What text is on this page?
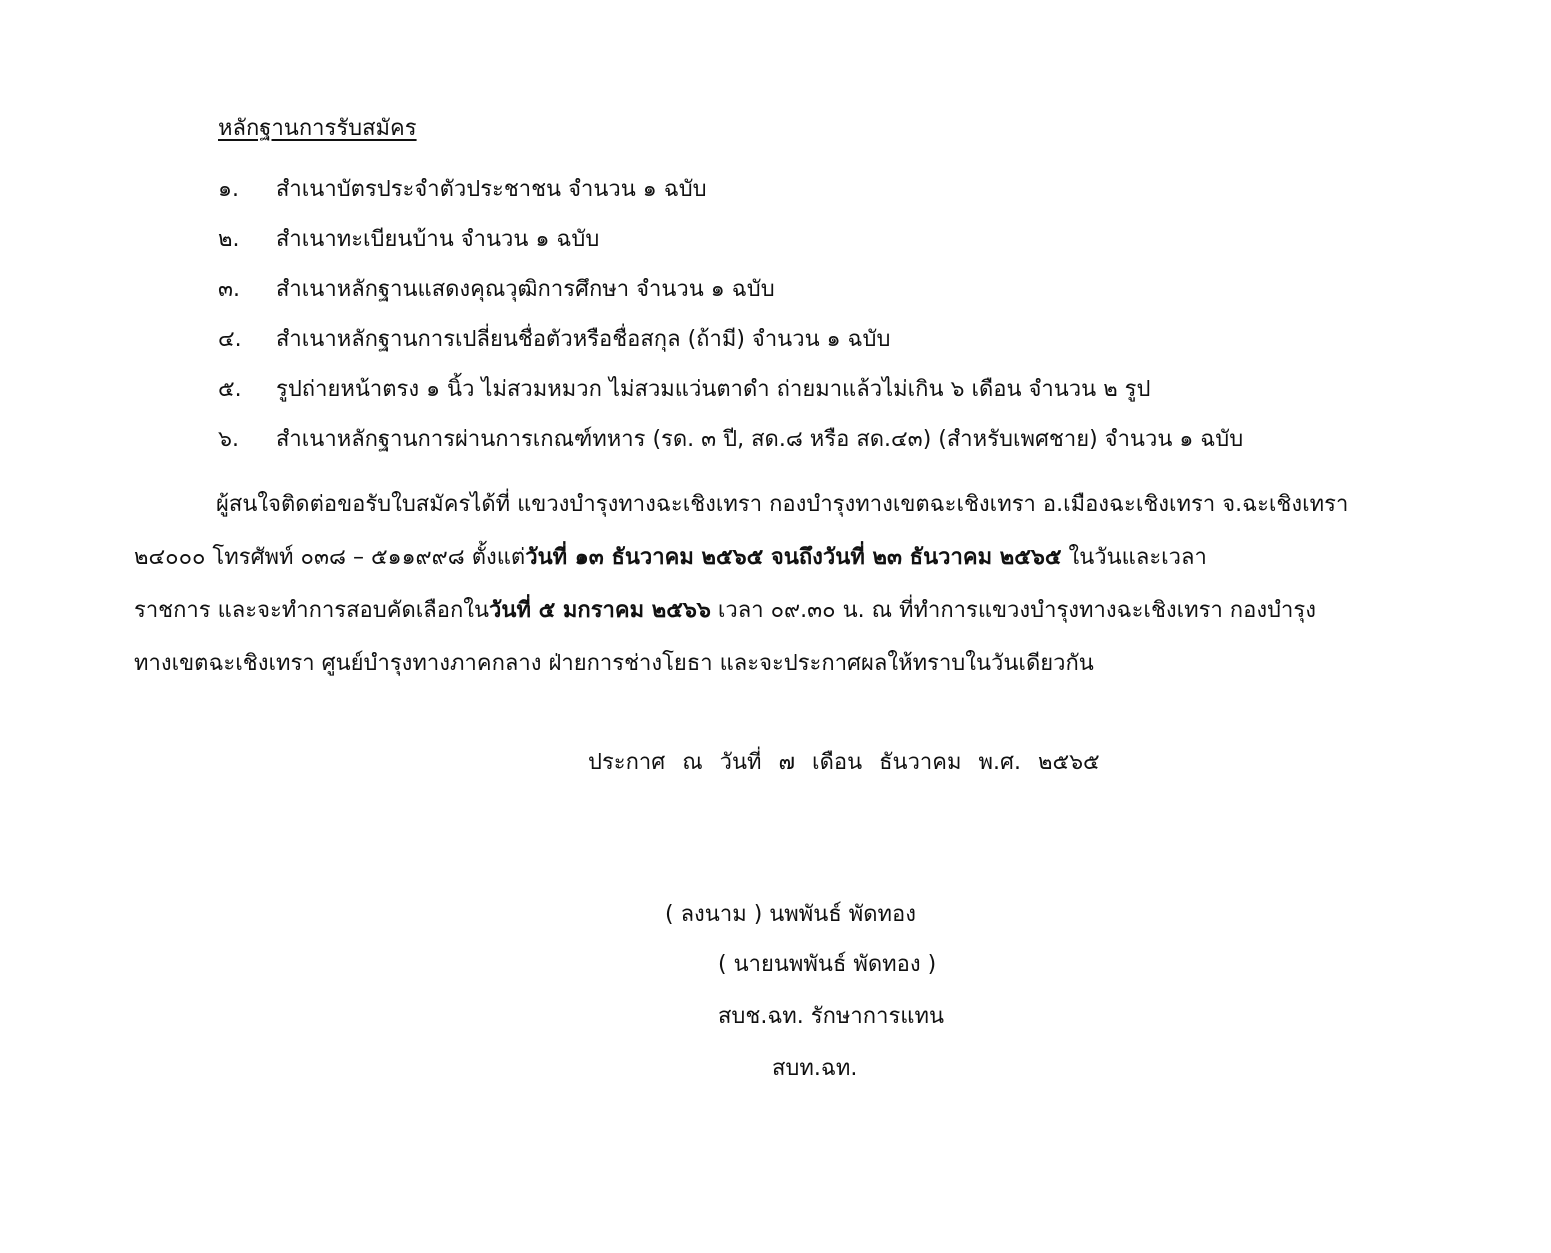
หลักฐานการรับสมัคร
๑.	สำเนาบัตรประจำตัวประชาชน จำนวน ๑ ฉบับ
๒.	สำเนาทะเบียนบ้าน จำนวน ๑ ฉบับ
๓.	สำเนาหลักฐานแสดงคุณวุฒิการศึกษา จำนวน ๑ ฉบับ
๔.	สำเนาหลักฐานการเปลี่ยนชื่อตัวหรือชื่อสกุล (ถ้ามี) จำนวน ๑ ฉบับ
๕.	รูปถ่ายหน้าตรง ๑ นิ้ว ไม่สวมหมวก ไม่สวมแว่นตาดำ ถ่ายมาแล้วไม่เกิน ๖ เดือน จำนวน ๒ รูป
๖.	สำเนาหลักฐานการผ่านการเกณฑ์ทหาร (รด. ๓ ปี, สด.๘ หรือ สด.๔๓) (สำหรับเพศชาย) จำนวน ๑ ฉบับ
ผู้สนใจติดต่อขอรับใบสมัครได้ที่ แขวงบำรุงทางฉะเชิงเทรา กองบำรุงทางเขตฉะเชิงเทรา อ.เมืองฉะเชิงเทรา จ.ฉะเชิงเทรา
๒๔๐๐๐ โทรศัพท์ ๐๓๘ – ๕๑๑๙๙๘ ตั้งแต่วันที่ ๑๓ ธันวาคม ๒๕๖๕ จนถึงวันที่ ๒๓ ธันวาคม ๒๕๖๕ ในวันและเวลา
ราชการ และจะทำการสอบคัดเลือกในวันที่ ๕ มกราคม ๒๕๖๖ เวลา ๐๙.๓๐ น. ณ ที่ทำการแขวงบำรุงทางฉะเชิงเทรา กองบำรุง
ทางเขตฉะเชิงเทรา ศูนย์บำรุงทางภาคกลาง ฝ่ายการช่างโยธา และจะประกาศผลให้ทราบในวันเดียวกัน
ประกาศ ณ วันที่ ๗ เดือน ธันวาคม พ.ศ. ๒๕๖๕
( ลงนาม ) นพพันธ์ พัดทอง
( นายนพพันธ์ พัดทอง )
สบช.ฉท. รักษาการแทน
สบท.ฉท.
